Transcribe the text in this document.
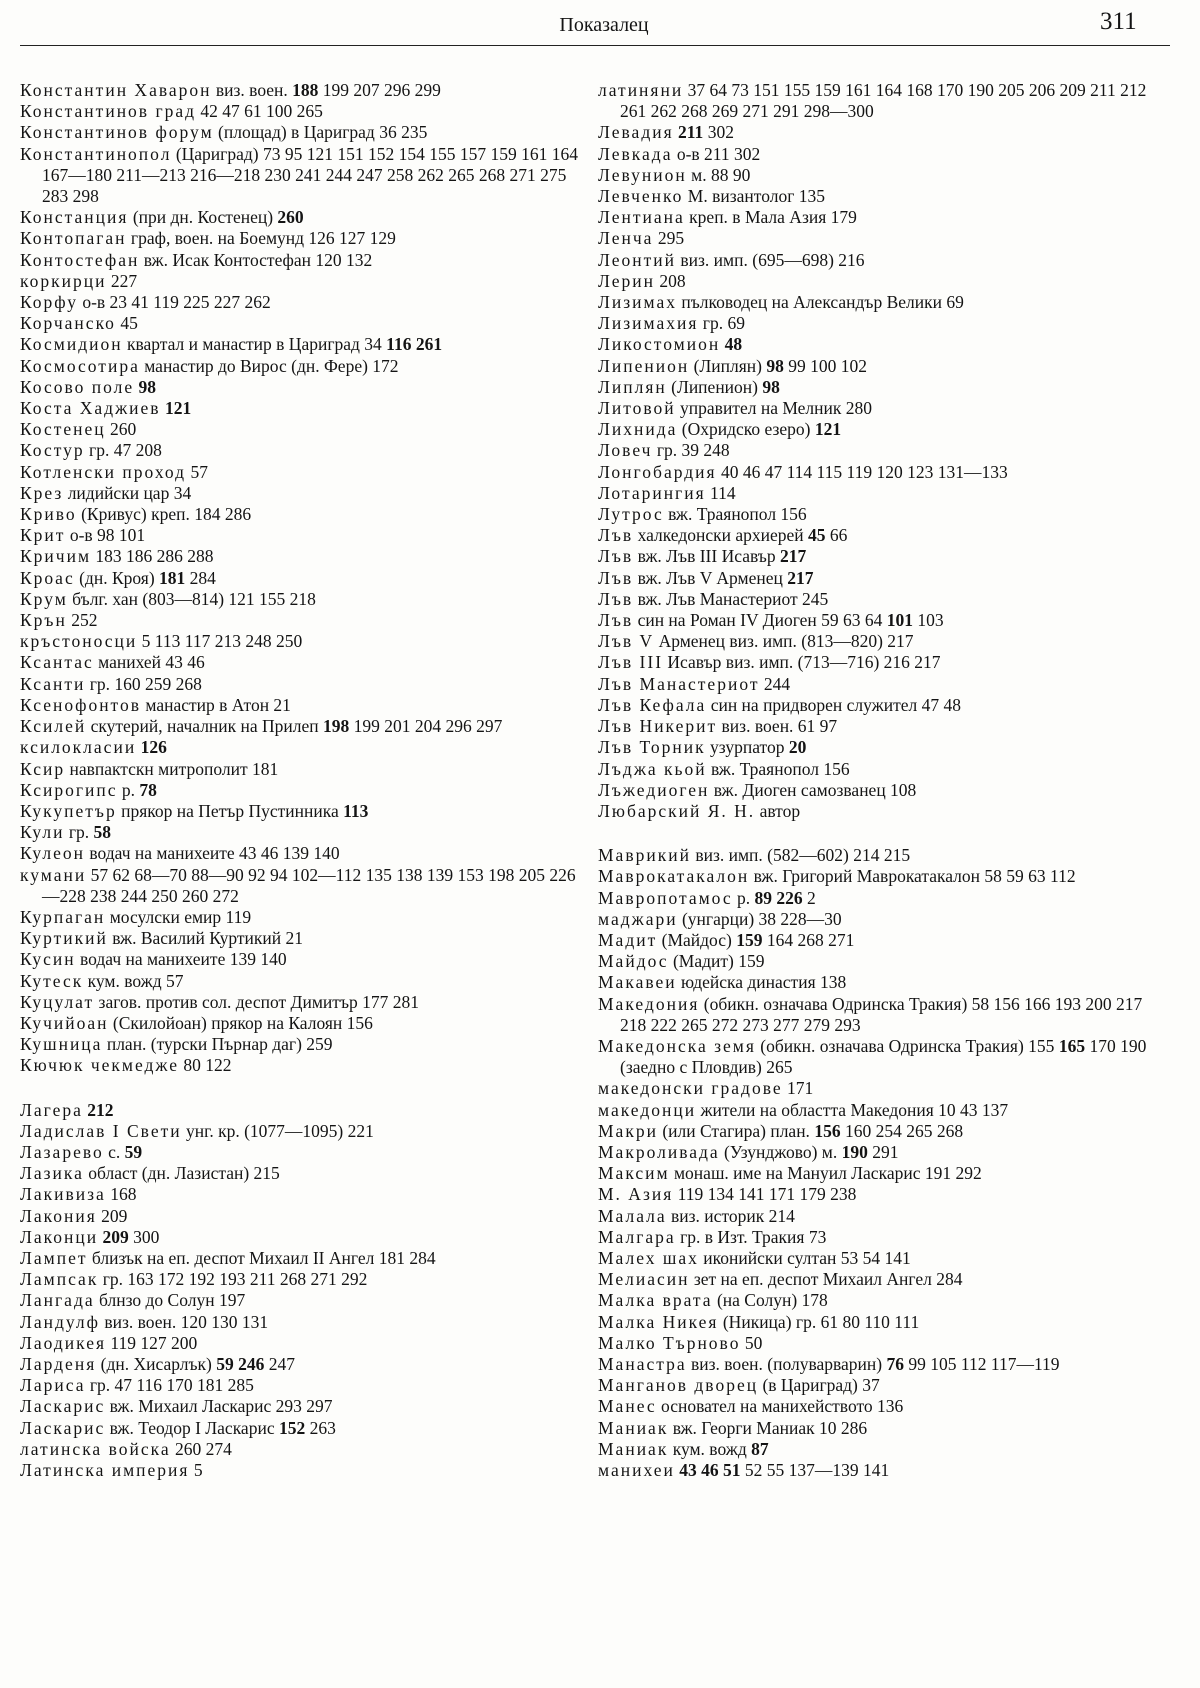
Показалец	311
Константин Хаварон виз. воен. 188 199 207 296 299
Константинов град 42 47 61 100 265
Константинов форум (площад) в Цариград 36 235
Константинопол (Цариград) 73 95 121 151 152 154 155 157 159 161 164 167—180 211—213 216—218 230 241 244 247 258 262 265 268 271 275 283 298
Констанция (при дн. Костенец) 260
Контопаган граф, воен. на Боемунд 126 127 129
Контостефан вж. Исак Контостефан 120 132
коркирци 227
Корфу о-в 23 41 119 225 227 262
Корчанско 45
Космидион квартал и манастир в Цариград 34 116 261
Космосотира манастир до Вирос (дн. Фере) 172
Косово поле 98
Коста Хаджиев 121
Костенец 260
Костур гр. 47 208
Котленски проход 57
Крез лидийски цар 34
Криво (Кривус) креп. 184 286
Крит о-в 98 101
Кричим 183 186 286 288
Кроас (дн. Кроя) 181 284
Крум бълг. хан (803—814) 121 155 218
Крън 252
кръстоносци 5 113 117 213 248 250
Ксантас манихей 43 46
Ксанти гр. 160 259 268
Ксенофонтов манастир в Атон 21
Ксилей скутерий, началник на Прилеп 198 199 201 204 296 297
ксилокласии 126
Ксир навпактскн митрополит 181
Ксирогипс р. 78
Кукупетър прякор на Петър Пустинника 113
Кули гр. 58
Кулеон водач на манихеите 43 46 139 140
кумани 57 62 68—70 88—90 92 94 102—112 135 138 139 153 198 205 226—228 238 244 250 260 272
Курпаган мосулски емир 119
Куртикий вж. Василий Куртикий 21
Кусин водач на манихеите 139 140
Кутеск кум. вожд 57
Куцулат загов. против сол. деспот Димитър 177 281
Кучийоан (Скилойоан) прякор на Калоян 156
Кушница план. (турски Пърнар даг) 259
Кючюк чекмедже 80 122
Лагера 212
Ладислав I Свети унг. кр. (1077—1095) 221
Лазарево с. 59
Лазика област (дн. Лазистан) 215
Лакивиза 168
Лакония 209
Лаконци 209 300
Лампет близък на еп. деспот Михаил II Ангел 181 284
Лампсак гр. 163 172 192 193 211 268 271 292
Лангада блнзо до Солун 197
Ландулф виз. воен. 120 130 131
Лаодикея 119 127 200
Ларденя (дн. Хисарлък) 59 246 247
Лариса гр. 47 116 170 181 285
Ласкарис вж. Михаил Ласкарис 293 297
Ласкарис вж. Теодор I Ласкарис 152 263
латинска войска 260 274
Латинска империя 5
латиняни 37 64 73 151 155 159 161 164 168 170 190 205 206 209 211 212 261 262 268 269 271 291 298—300
Левадия 211 302
Левкада о-в 211 302
Левунион м. 88 90
Левченко М. византолог 135
Лентиана креп. в Мала Азия 179
Ленча 295
Леонтий виз. имп. (695—698) 216
Лерин 208
Лизимах пълководец на Александър Велики 69
Лизимахия гр. 69
Ликостомион 48
Липенион (Липлян) 98 99 100 102
Липлян (Липенион) 98
Литовой управител на Мелник 280
Лихнида (Охридско езеро) 121
Ловеч гр. 39 248
Лонгобардия 40 46 47 114 115 119 120 123 131—133
Лотарингия 114
Лутрос вж. Траянопол 156
Лъв халкедонски архиерей 45 66
Лъв вж. Лъв III Исавър 217
Лъв вж. Лъв V Арменец 217
Лъв вж. Лъв Манастериот 245
Лъв син на Роман IV Диоген 59 63 64 101 103
Лъв V Арменец виз. имп. (813—820) 217
Лъв III Исавър виз. имп. (713—716) 216 217
Лъв Манастериот 244
Лъв Кефала син на придворен служител 47 48
Лъв Никерит виз. воен. 61 97
Лъв Торник узурпатор 20
Лъджа кьой вж. Траянопол 156
Лъжедиоген вж. Диоген самозванец 108
Любарский Я. Н. автор
Маврикий виз. имп. (582—602) 214 215
Маврокатакалон вж. Григорий Маврокатакалон 58 59 63 112
Мавропотамос р. 89 226 2
маджари (унгарци) 38 228—30
Мадит (Майдос) 159 164 268 271
Майдос (Мадит) 159
Макавеи юдейска династия 138
Македония (обикн. означава Одринска Тракия) 58 156 166 193 200 217 218 222 265 272 273 277 279 293
Македонска земя (обикн. означава Одринска Тракия) 155 165 170 190 (заедно с Пловдив) 265
македонски градове 171
македонци жители на областта Македония 10 43 137
Макри (или Стагира) план. 156 160 254 265 268
Макроливада (Узунджово) м. 190 291
Максим монаш. име на Мануил Ласкарис 191 292
М. Азия 119 134 141 171 179 238
Малала виз. историк 214
Малгара гр. в Изт. Тракия 73
Малех шах иконийски султан 53 54 141
Мелиасин зет на еп. деспот Михаил Ангел 284
Малка врата (на Солун) 178
Малка Никея (Никица) гр. 61 80 110 111
Малко Търново 50
Манастра виз. воен. (полуварварин) 76 99 105 112 117—119
Манганов дворец (в Цариград) 37
Манес основател на манихейството 136
Маниак вж. Георги Маниак 10 286
Маниак кум. вожд 87
манихеи 43 46 51 52 55 137—139 141
